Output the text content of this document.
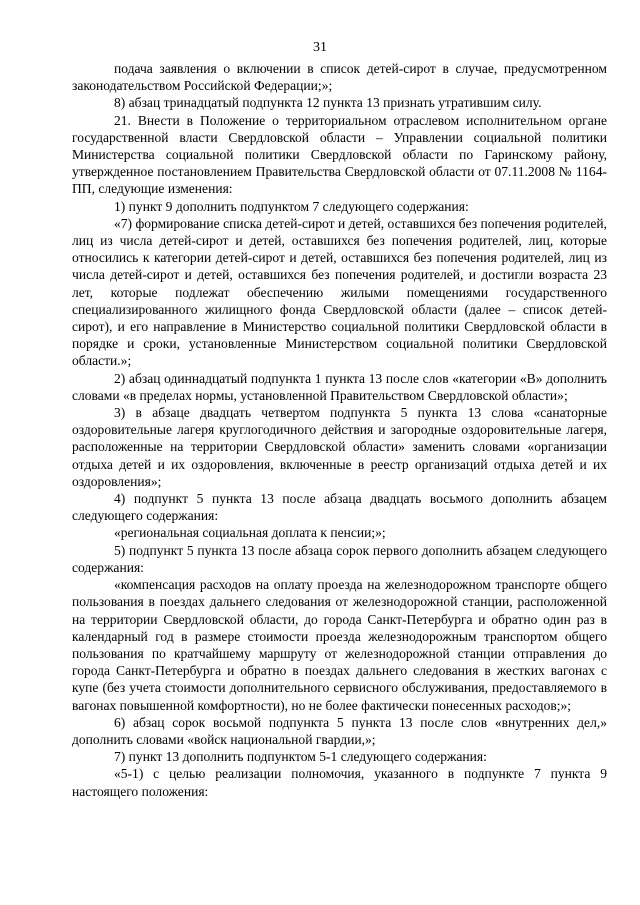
31

подача заявления о включении в список детей-сирот в случае, предусмотренном законодательством Российской Федерации;»;

8) абзац тринадцатый подпункта 12 пункта 13 признать утратившим силу.

21. Внести в Положение о территориальном отраслевом исполнительном органе государственной власти Свердловской области – Управлении социальной политики Министерства социальной политики Свердловской области по Гаринскому району, утвержденное постановлением Правительства Свердловской области от 07.11.2008 № 1164-ПП, следующие изменения:

1) пункт 9 дополнить подпунктом 7 следующего содержания:

«7) формирование списка детей-сирот и детей, оставшихся без попечения родителей, лиц из числа детей-сирот и детей, оставшихся без попечения родителей, лиц, которые относились к категории детей-сирот и детей, оставшихся без попечения родителей, лиц из числа детей-сирот и детей, оставшихся без попечения родителей, и достигли возраста 23 лет, которые подлежат обеспечению жилыми помещениями государственного специализированного жилищного фонда Свердловской области (далее – список детей-сирот), и его направление в Министерство социальной политики Свердловской области в порядке и сроки, установленные Министерством социальной политики Свердловской области.»;

2) абзац одиннадцатый подпункта 1 пункта 13 после слов «категории «В» дополнить словами «в пределах нормы, установленной Правительством Свердловской области»;

3) в абзаце двадцать четвертом подпункта 5 пункта 13 слова «санаторные оздоровительные лагеря круглогодичного действия и загородные оздоровительные лагеря, расположенные на территории Свердловской области» заменить словами «организации отдыха детей и их оздоровления, включенные в реестр организаций отдыха детей и их оздоровления»;

4) подпункт 5 пункта 13 после абзаца двадцать восьмого дополнить абзацем следующего содержания:

«региональная социальная доплата к пенсии;»;

5) подпункт 5 пункта 13 после абзаца сорок первого дополнить абзацем следующего содержания:

«компенсация расходов на оплату проезда на железнодорожном транспорте общего пользования в поездах дальнего следования от железнодорожной станции, расположенной на территории Свердловской области, до города Санкт-Петербурга и обратно один раз в календарный год в размере стоимости проезда железнодорожным транспортом общего пользования по кратчайшему маршруту от железнодорожной станции отправления до города Санкт-Петербурга и обратно в поездах дальнего следования в жестких вагонах с купе (без учета стоимости дополнительного сервисного обслуживания, предоставляемого в вагонах повышенной комфортности), но не более фактически понесенных расходов;»;

6) абзац сорок восьмой подпункта 5 пункта 13 после слов «внутренних дел,» дополнить словами «войск национальной гвардии,»;

7) пункт 13 дополнить подпунктом 5-1 следующего содержания:

«5-1) с целью реализации полномочия, указанного в подпункте 7 пункта 9 настоящего положения:
